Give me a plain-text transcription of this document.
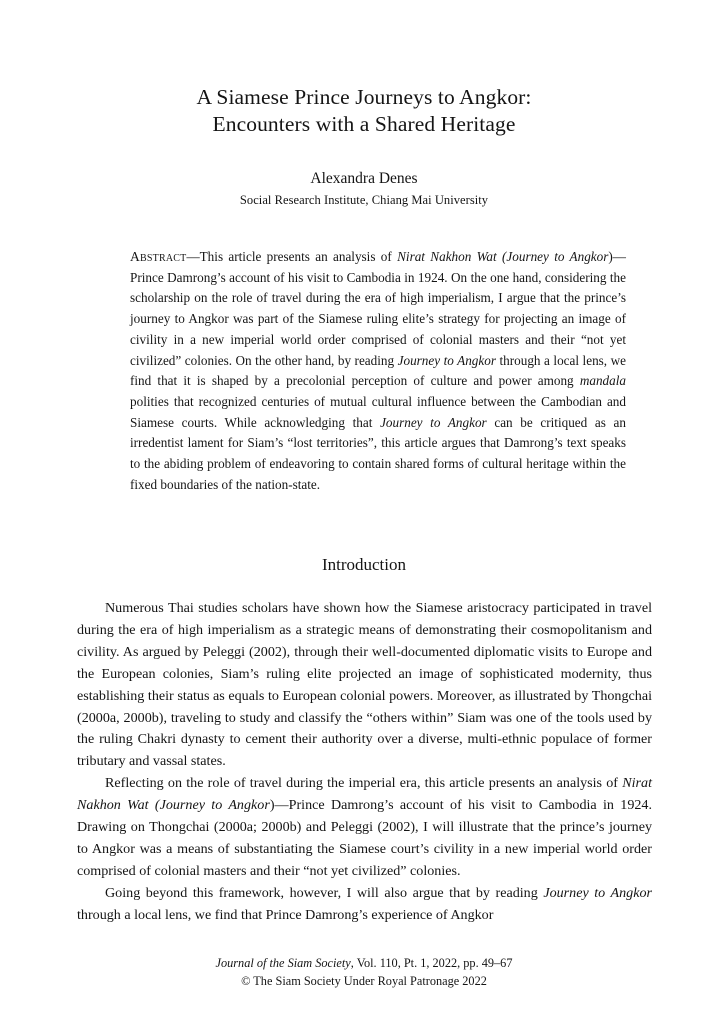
A Siamese Prince Journeys to Angkor:
Encounters with a Shared Heritage
Alexandra Denes
Social Research Institute, Chiang Mai University
Abstract—This article presents an analysis of Nirat Nakhon Wat (Journey to Angkor)—Prince Damrong’s account of his visit to Cambodia in 1924. On the one hand, considering the scholarship on the role of travel during the era of high imperialism, I argue that the prince’s journey to Angkor was part of the Siamese ruling elite’s strategy for projecting an image of civility in a new imperial world order comprised of colonial masters and their “not yet civilized” colonies. On the other hand, by reading Journey to Angkor through a local lens, we find that it is shaped by a precolonial perception of culture and power among mandala polities that recognized centuries of mutual cultural influence between the Cambodian and Siamese courts. While acknowledging that Journey to Angkor can be critiqued as an irredentist lament for Siam’s “lost territories”, this article argues that Damrong’s text speaks to the abiding problem of endeavoring to contain shared forms of cultural heritage within the fixed boundaries of the nation-state.
Introduction

Numerous Thai studies scholars have shown how the Siamese aristocracy participated in travel during the era of high imperialism as a strategic means of demonstrating their cosmopolitanism and civility. As argued by Peleggi (2002), through their well-documented diplomatic visits to Europe and the European colonies, Siam’s ruling elite projected an image of sophisticated modernity, thus establishing their status as equals to European colonial powers. Moreover, as illustrated by Thongchai (2000a, 2000b), traveling to study and classify the “others within” Siam was one of the tools used by the ruling Chakri dynasty to cement their authority over a diverse, multi-ethnic populace of former tributary and vassal states.

Reflecting on the role of travel during the imperial era, this article presents an analysis of Nirat Nakhon Wat (Journey to Angkor)—Prince Damrong’s account of his visit to Cambodia in 1924. Drawing on Thongchai (2000a; 2000b) and Peleggi (2002), I will illustrate that the prince’s journey to Angkor was a means of substantiating the Siamese court’s civility in a new imperial world order comprised of colonial masters and their “not yet civilized” colonies.

Going beyond this framework, however, I will also argue that by reading Journey to Angkor through a local lens, we find that Prince Damrong’s experience of Angkor

Journal of the Siam Society, Vol. 110, Pt. 1, 2022, pp. 49–67
© The Siam Society Under Royal Patronage 2022
